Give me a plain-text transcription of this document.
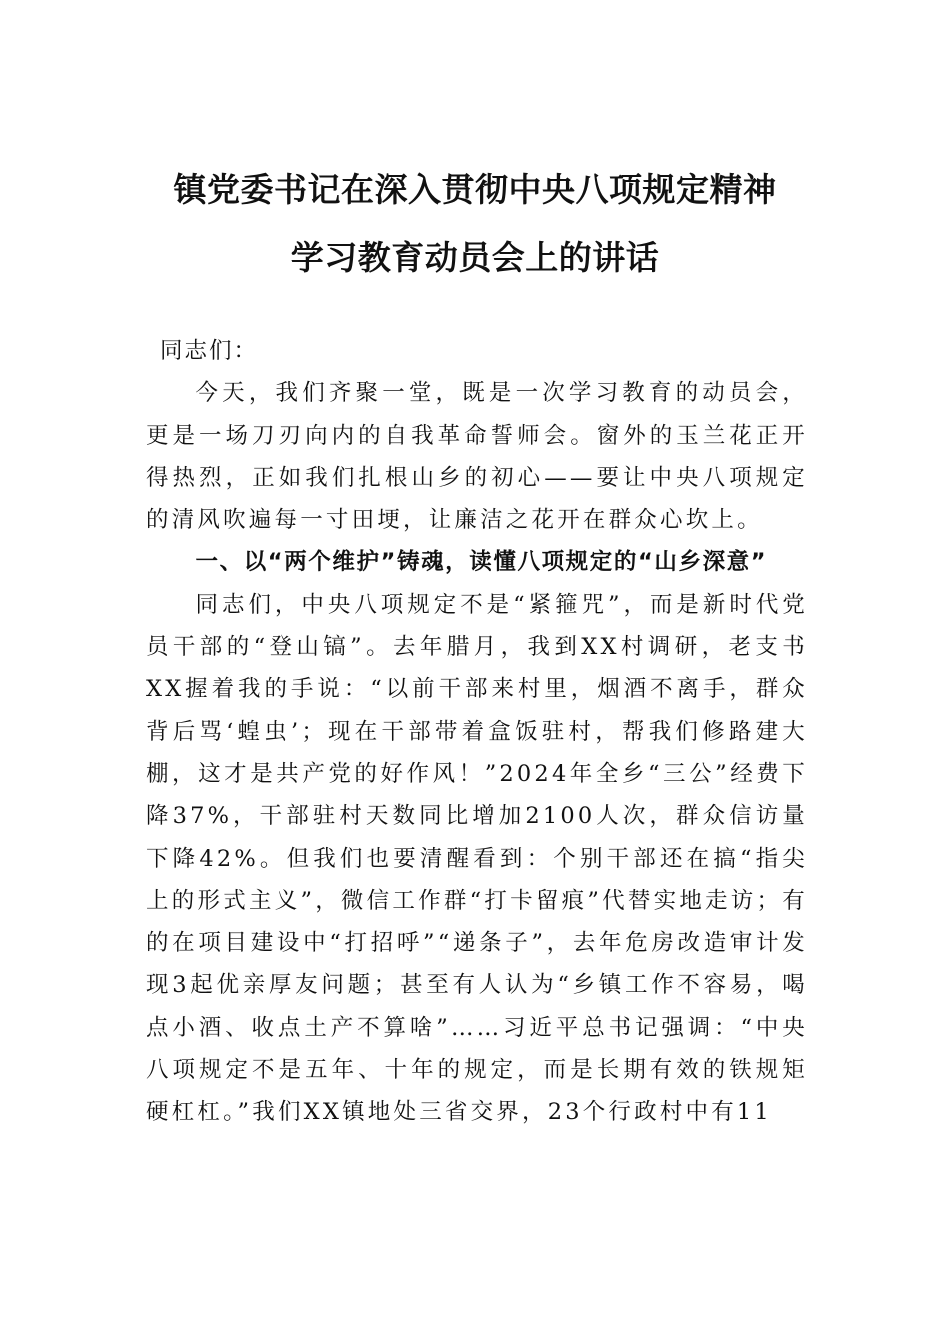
镇党委书记在深入贯彻中央八项规定精神
学习教育动员会上的讲话

同志们：

今天，我们齐聚一堂，既是一次学习教育的动员会，更是一场刀刃向内的自我革命誓师会。窗外的玉兰花正开得热烈，正如我们扎根山乡的初心——要让中央八项规定的清风吹遍每一寸田埂，让廉洁之花开在群众心坎上。

一、以“两个维护”铸魂，读懂八项规定的“山乡深意”

同志们，中央八项规定不是“紧箍咒”，而是新时代党员干部的“登山镐”。去年腊月，我到XX村调研，老支书XX握着我的手说：“以前干部来村里，烟酒不离手，群众背后骂‘蝗虫’；现在干部带着盒饭驻村，帮我们修路建大棚，这才是共产党的好作风！”2024年全乡“三公”经费下降37%，干部驻村天数同比增加2100人次，群众信访量下降42%。但我们也要清醒看到：个别干部还在搞“指尖上的形式主义”，微信工作群“打卡留痕”代替实地走访；有的在项目建设中“打招呼”“递条子”，去年危房改造审计发现3起优亲厚友问题；甚至有人认为“乡镇工作不容易，喝点小酒、收点土产不算啥”……习近平总书记强调：“中央八项规定不是五年、十年的规定，而是长期有效的铁规矩硬杠杠。”我们XX镇地处三省交界，23个行政村中有11
